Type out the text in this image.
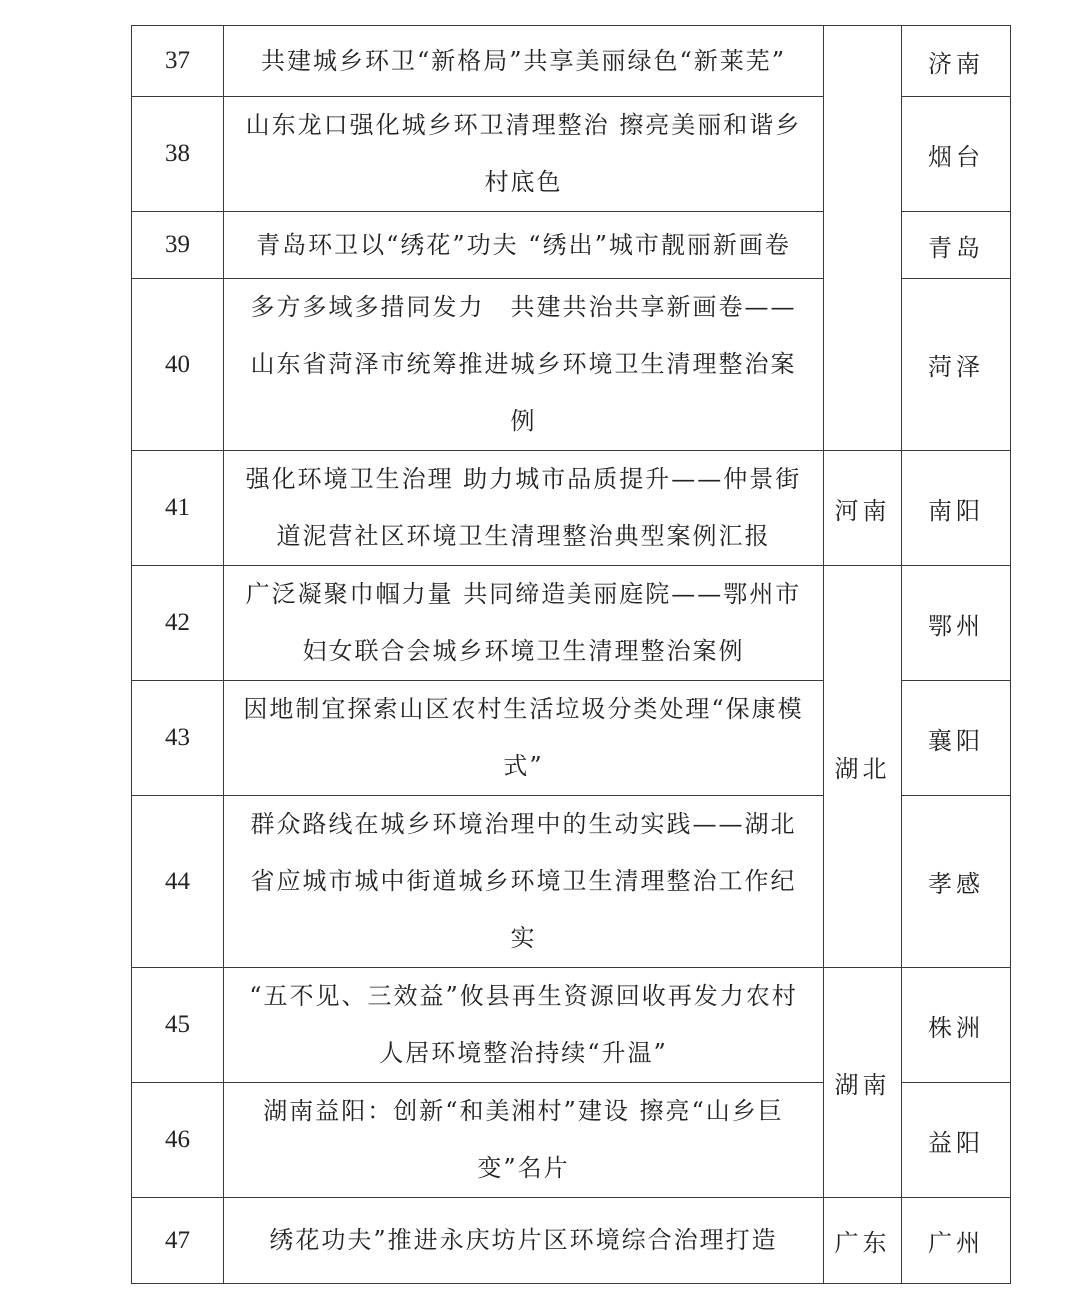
37	共建城乡环卫“新格局”共享美丽绿色“新莱芜”		济南
38	山东龙口强化城乡环卫清理整治 擦亮美丽和谐乡村底色		烟台
39	青岛环卫以“绣花”功夫 “绣出”城市靓丽新画卷		青岛
40	多方多域多措同发力　共建共治共享新画卷——山东省菏泽市统筹推进城乡环境卫生清理整治案例		菏泽
41	强化环境卫生治理 助力城市品质提升——仲景街道泥营社区环境卫生清理整治典型案例汇报	河南	南阳
42	广泛凝聚巾帼力量 共同缔造美丽庭院——鄂州市妇女联合会城乡环境卫生清理整治案例	湖北	鄂州
43	因地制宜探索山区农村生活垃圾分类处理“保康模式”		襄阳
44	群众路线在城乡环境治理中的生动实践——湖北省应城市城中街道城乡环境卫生清理整治工作纪实		孝感
45	“五不见、三效益”攸县再生资源回收再发力农村人居环境整治持续“升温”	湖南	株洲
46	湖南益阳：创新“和美湘村”建设 擦亮“山乡巨变”名片		益阳
47	绣花功夫”推进永庆坊片区环境综合治理打造	广东	广州
